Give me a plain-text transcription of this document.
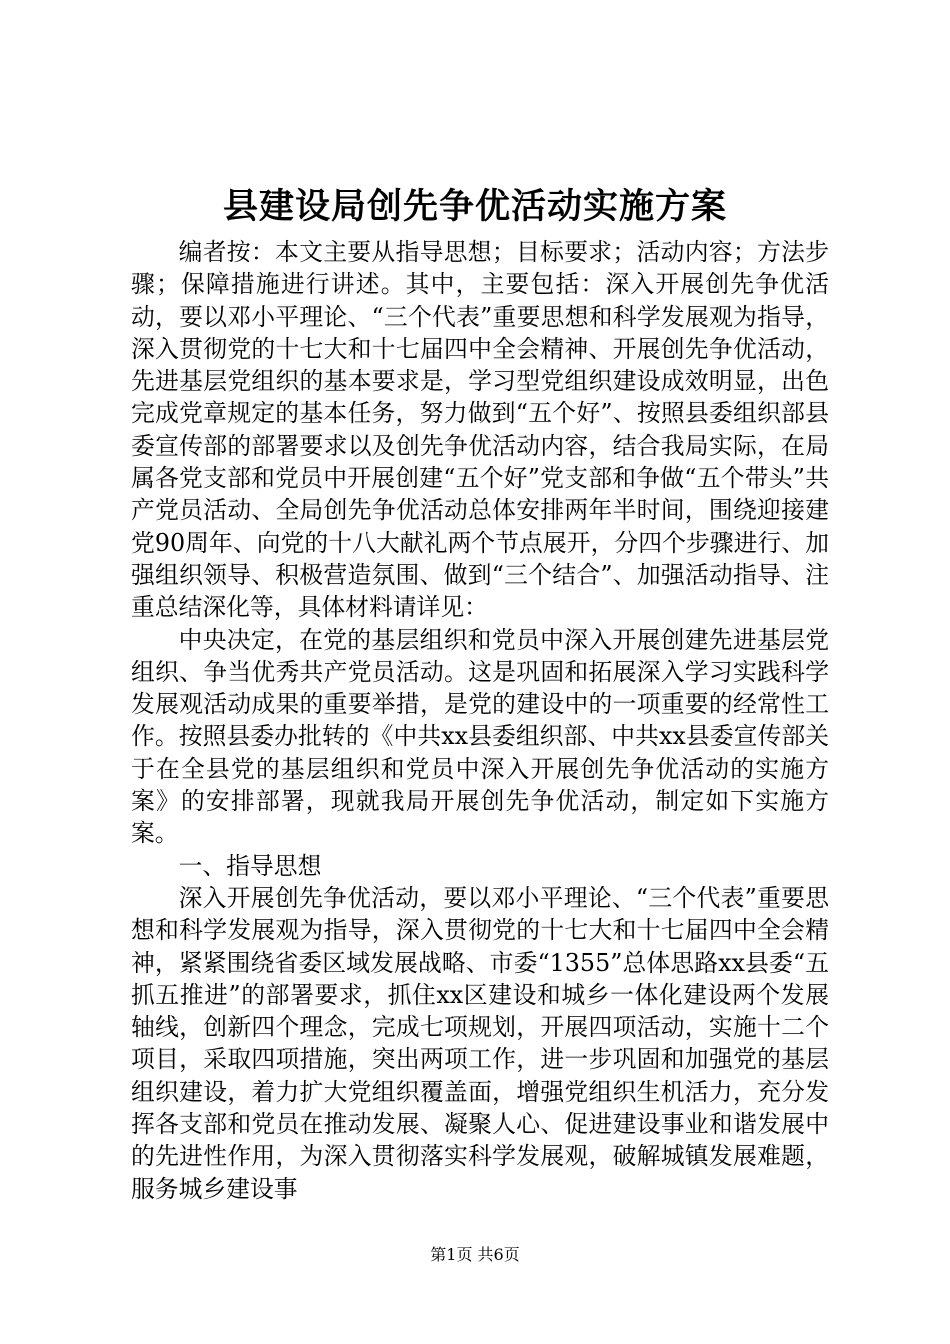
县建设局创先争优活动实施方案

编者按：本文主要从指导思想；目标要求；活动内容；方法步骤；保障措施进行讲述。其中，主要包括：深入开展创先争优活动，要以邓小平理论、“三个代表”重要思想和科学发展观为指导，深入贯彻党的十七大和十七届四中全会精神、开展创先争优活动，先进基层党组织的基本要求是，学习型党组织建设成效明显，出色完成党章规定的基本任务，努力做到“五个好”、按照县委组织部县委宣传部的部署要求以及创先争优活动内容，结合我局实际，在局属各党支部和党员中开展创建“五个好”党支部和争做“五个带头”共产党员活动、全局创先争优活动总体安排两年半时间，围绕迎接建党90周年、向党的十八大献礼两个节点展开，分四个步骤进行、加强组织领导、积极营造氛围、做到“三个结合”、加强活动指导、注重总结深化等，具体材料请详见：

中央决定，在党的基层组织和党员中深入开展创建先进基层党组织、争当优秀共产党员活动。这是巩固和拓展深入学习实践科学发展观活动成果的重要举措，是党的建设中的一项重要的经常性工作。按照县委办批转的《中共xx县委组织部、中共xx县委宣传部关于在全县党的基层组织和党员中深入开展创先争优活动的实施方案》的安排部署，现就我局开展创先争优活动，制定如下实施方案。

一、指导思想

深入开展创先争优活动，要以邓小平理论、“三个代表”重要思想和科学发展观为指导，深入贯彻党的十七大和十七届四中全会精神，紧紧围绕省委区域发展战略、市委“1355”总体思路xx县委“五抓五推进”的部署要求，抓住xx区建设和城乡一体化建设两个发展轴线，创新四个理念，完成七项规划，开展四项活动，实施十二个项目，采取四项措施，突出两项工作，进一步巩固和加强党的基层组织建设，着力扩大党组织覆盖面，增强党组织生机活力，充分发挥各支部和党员在推动发展、凝聚人心、促进建设事业和谐发展中的先进性作用，为深入贯彻落实科学发展观，破解城镇发展难题，服务城乡建设事

第1页 共6页
